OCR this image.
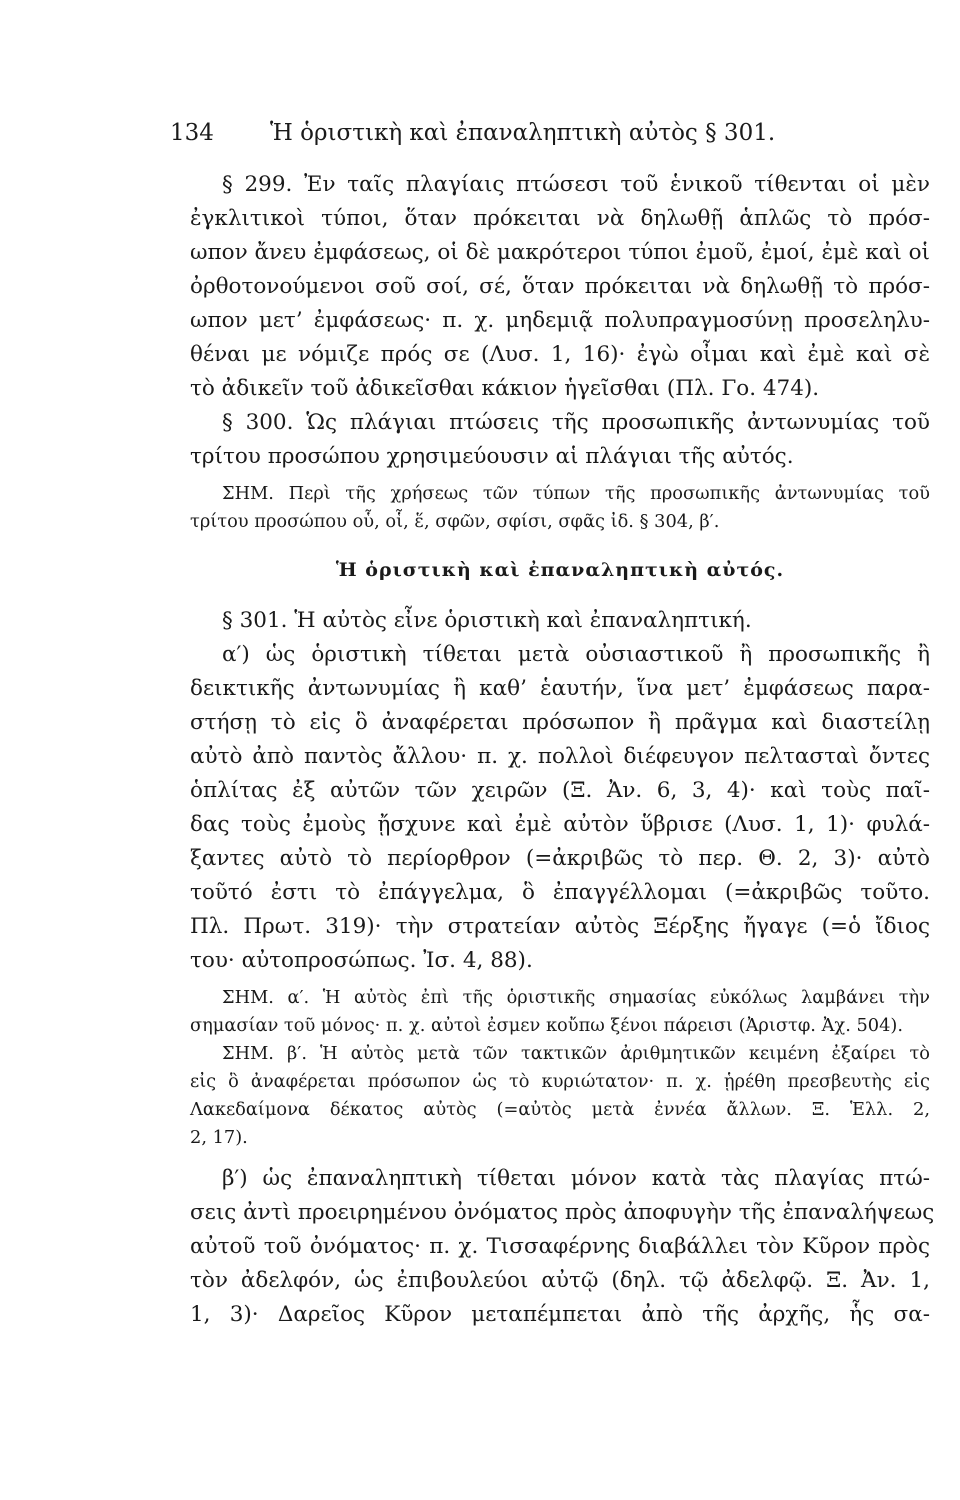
134 Ἡ ὁριστικὴ καὶ ἐπαναληπτικὴ αὐτὸς § 301.
§ 299. Ἐν ταῖς πλαγίαις πτώσεσι τοῦ ἑνικοῦ τίθενται οἱ μὲν
ἐγκλιτικοὶ τύποι, ὅταν πρόκειται νὰ δηλωθῇ ἁπλῶς τὸ πρόσ-
ωπον ἄνευ ἐμφάσεως, οἱ δὲ μακρότεροι τύποι ἐμοῦ, ἐμοί, ἐμὲ καὶ οἱ
ὀρθοτονούμενοι σοῦ σοί, σέ, ὅταν πρόκειται νὰ δηλωθῇ τὸ πρόσ-
ωπον μετ’ ἐμφάσεως· π. χ. μηδεμιᾷ πολυπραγμοσύνῃ προσεληλυ-
θέναι με νόμιζε πρός σε (Λυσ. 1, 16)· ἐγὼ οἶμαι καὶ ἐμὲ καὶ σὲ
τὸ ἀδικεῖν τοῦ ἀδικεῖσθαι κάκιον ἡγεῖσθαι (Πλ. Γο. 474).
§ 300. Ὡς πλάγιαι πτώσεις τῆς προσωπικῆς ἀντωνυμίας τοῦ
τρίτου προσώπου χρησιμεύουσιν αἱ πλάγιαι τῆς αὐτός.
ΣΗΜ. Περὶ τῆς χρήσεως τῶν τύπων τῆς προσωπικῆς ἀντωνυμίας τοῦ
τρίτου προσώπου οὗ, οἷ, ἕ, σφῶν, σφίσι, σφᾶς ἰδ. § 304, β′.
Ἡ ὁριστικὴ καὶ ἐπαναληπτικὴ αὐτός.
§ 301. Ἡ αὐτὸς εἶνε ὁριστικὴ καὶ ἐπαναληπτική.
α′) ὡς ὁριστικὴ τίθεται μετὰ οὐσιαστικοῦ ἢ προσωπικῆς ἢ
δεικτικῆς ἀντωνυμίας ἢ καθ’ ἑαυτήν, ἵνα μετ’ ἐμφάσεως παρα-
στήσῃ τὸ εἰς ὃ ἀναφέρεται πρόσωπον ἢ πρᾶγμα καὶ διαστείλῃ
αὐτὸ ἀπὸ παντὸς ἄλλου· π. χ. πολλοὶ διέφευγον πελτασταὶ ὄντες
ὁπλίτας ἐξ αὐτῶν τῶν χειρῶν (Ξ. Ἀν. 6, 3, 4)· καὶ τοὺς παῖ-
δας τοὺς ἐμοὺς ᾔσχυνε καὶ ἐμὲ αὐτὸν ὕβρισε (Λυσ. 1, 1)· φυλά-
ξαντες αὐτὸ τὸ περίορθρον (=ἀκριβῶς τὸ περ. Θ. 2, 3)· αὐτὸ
τοῦτό ἐστι τὸ ἐπάγγελμα, ὃ ἐπαγγέλλομαι (=ἀκριβῶς τοῦτο.
Πλ. Πρωτ. 319)· τὴν στρατείαν αὐτὸς Ξέρξης ἤγαγε (=ὁ ἴδιος
του· αὐτοπροσώπως. Ἰσ. 4, 88).
ΣΗΜ. α′. Ἡ αὐτὸς ἐπὶ τῆς ὁριστικῆς σημασίας εὐκόλως λαμβάνει τὴν
σημασίαν τοῦ μόνος· π. χ. αὐτοὶ ἐσμεν κοὔπω ξένοι πάρεισι (Ἀριστφ. Ἀχ. 504).
ΣΗΜ. β′. Ἡ αὐτὸς μετὰ τῶν τακτικῶν ἀριθμητικῶν κειμένη ἐξαίρει τὸ
εἰς ὃ ἀναφέρεται πρόσωπον ὡς τὸ κυριώτατον· π. χ. ᾑρέθη πρεσβευτὴς εἰς
Λακεδαίμονα δέκατος αὐτὸς (=αὐτὸς μετὰ ἐννέα ἄλλων. Ξ. Ἑλλ. 2,
2, 17).
β′) ὡς ἐπαναληπτικὴ τίθεται μόνον κατὰ τὰς πλαγίας πτώ-
σεις ἀντὶ προειρημένου ὀνόματος πρὸς ἀποφυγὴν τῆς ἐπαναλήψεως
αὐτοῦ τοῦ ὀνόματος· π. χ. Τισσαφέρνης διαβάλλει τὸν Κῦρον πρὸς
τὸν ἀδελφόν, ὡς ἐπιβουλεύοι αὐτῷ (δηλ. τῷ ἀδελφῷ. Ξ. Ἀν. 1,
1, 3)· Δαρεῖος Κῦρον μεταπέμπεται ἀπὸ τῆς ἀρχῆς, ἧς σα-
